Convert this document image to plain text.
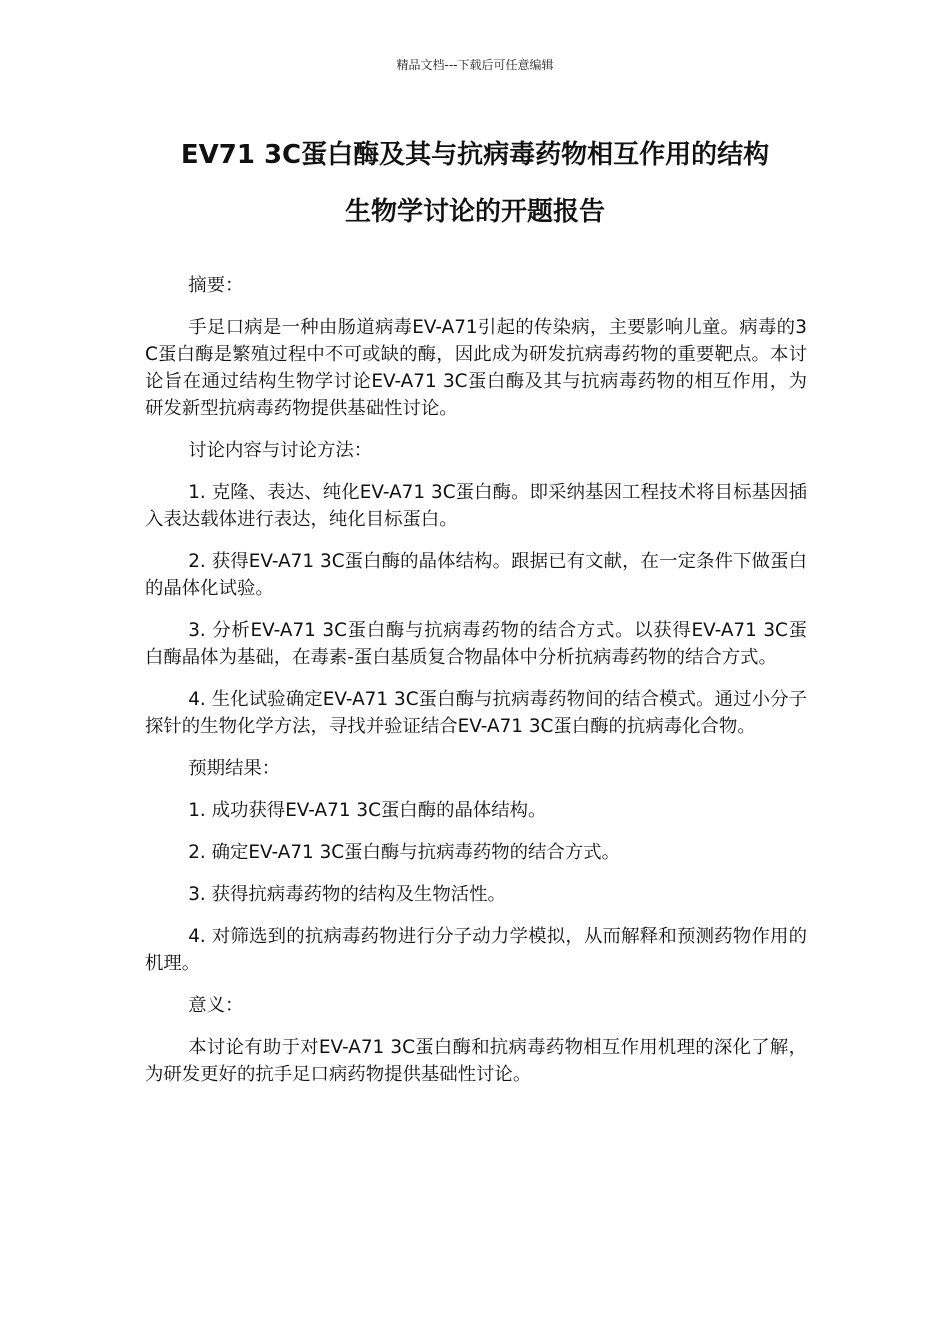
精品文档---下载后可任意编辑
EV71 3C蛋白酶及其与抗病毒药物相互作用的结构
生物学讨论的开题报告

摘要：

手足口病是一种由肠道病毒EV-A71引起的传染病，主要影响儿童。病毒的3C蛋白酶是繁殖过程中不可或缺的酶，因此成为研发抗病毒药物的重要靶点。本讨论旨在通过结构生物学讨论EV-A71 3C蛋白酶及其与抗病毒药物的相互作用，为研发新型抗病毒药物提供基础性讨论。

讨论内容与讨论方法：

1. 克隆、表达、纯化EV-A71 3C蛋白酶。即采纳基因工程技术将目标基因插入表达载体进行表达，纯化目标蛋白。

2. 获得EV-A71 3C蛋白酶的晶体结构。跟据已有文献，在一定条件下做蛋白的晶体化试验。

3. 分析EV-A71 3C蛋白酶与抗病毒药物的结合方式。以获得EV-A71 3C蛋白酶晶体为基础，在毒素-蛋白基质复合物晶体中分析抗病毒药物的结合方式。

4. 生化试验确定EV-A71 3C蛋白酶与抗病毒药物间的结合模式。通过小分子探针的生物化学方法，寻找并验证结合EV-A71 3C蛋白酶的抗病毒化合物。

预期结果：

1. 成功获得EV-A71 3C蛋白酶的晶体结构。

2. 确定EV-A71 3C蛋白酶与抗病毒药物的结合方式。

3. 获得抗病毒药物的结构及生物活性。

4. 对筛选到的抗病毒药物进行分子动力学模拟，从而解释和预测药物作用的机理。

意义：

本讨论有助于对EV-A71 3C蛋白酶和抗病毒药物相互作用机理的深化了解，为研发更好的抗手足口病药物提供基础性讨论。
